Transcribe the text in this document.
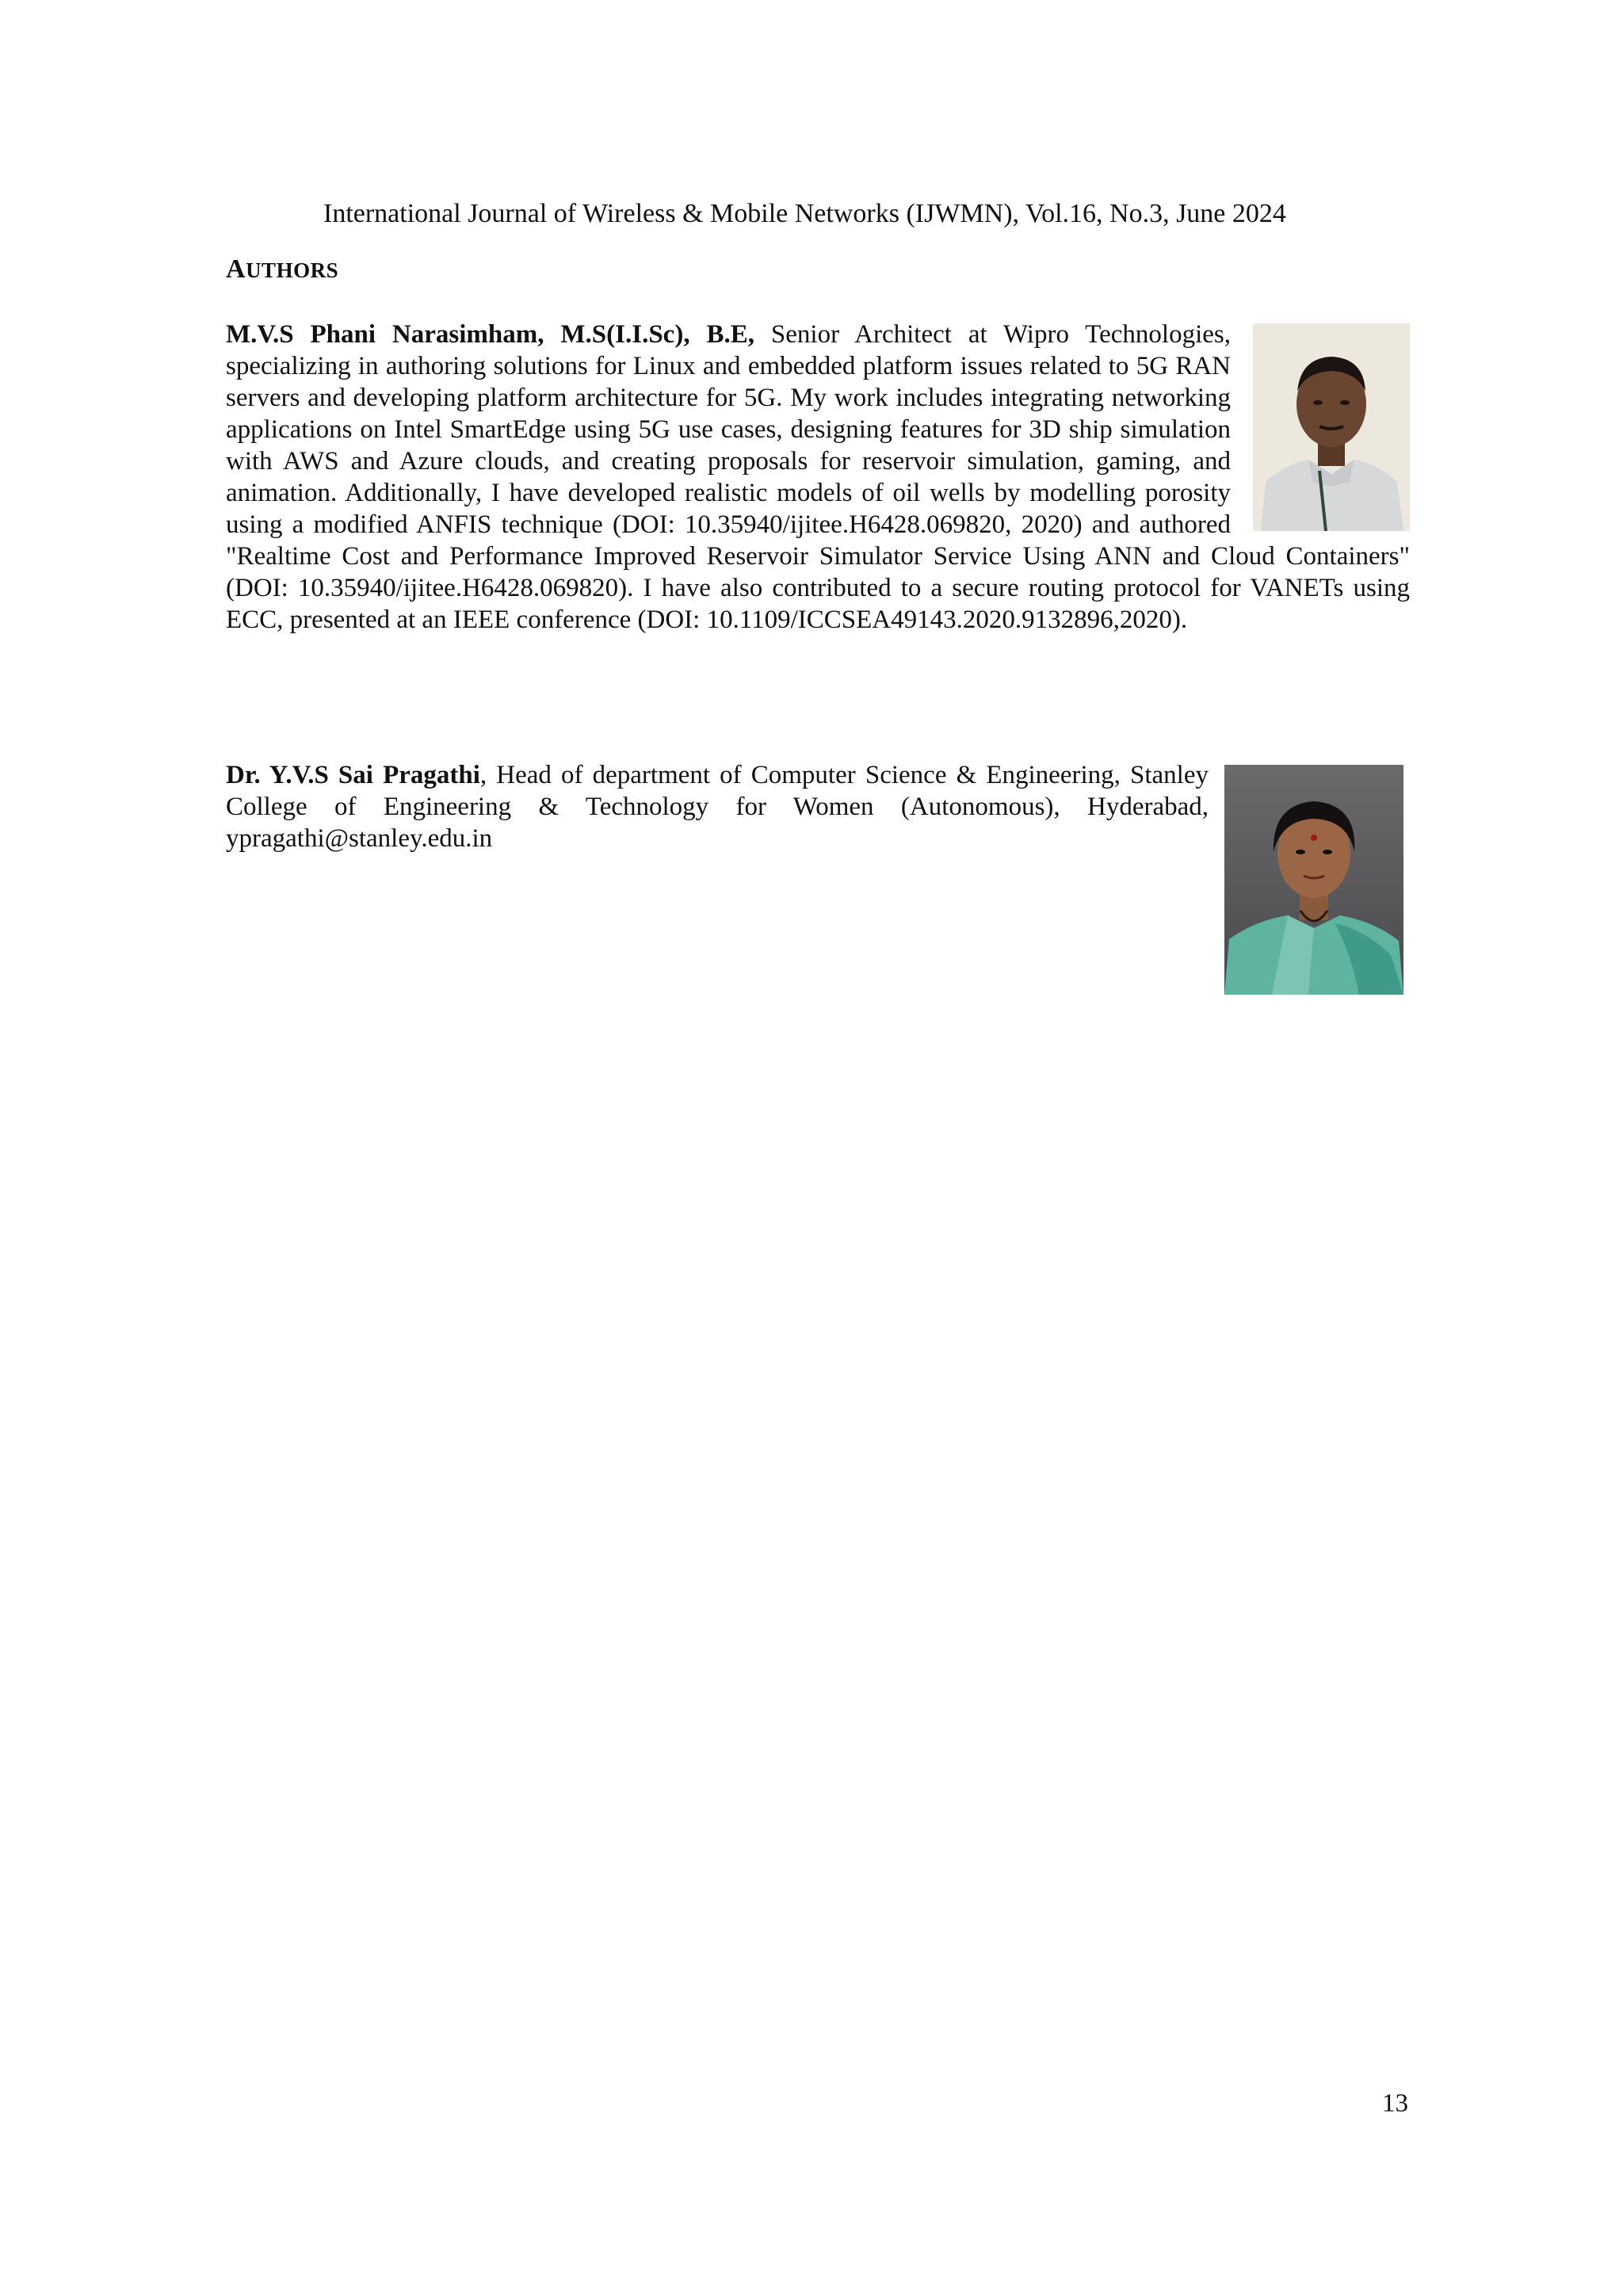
International Journal of Wireless & Mobile Networks (IJWMN), Vol.16, No.3, June 2024
AUTHORS

M.V.S Phani Narasimham, M.S(I.I.Sc), B.E, Senior Architect at Wipro Technologies, specializing in authoring solutions for Linux and embedded platform issues related to 5G RAN servers and developing platform architecture for 5G. My work includes integrating networking applications on Intel SmartEdge using 5G use cases, designing features for 3D ship simulation with AWS and Azure clouds, and creating proposals for reservoir simulation, gaming, and animation. Additionally, I have developed realistic models of oil wells by modelling porosity using a modified ANFIS technique (DOI: 10.35940/ijitee.H6428.069820, 2020) and authored "Realtime Cost and Performance Improved Reservoir Simulator Service Using ANN and Cloud Containers" (DOI: 10.35940/ijitee.H6428.069820). I have also contributed to a secure routing protocol for VANETs using ECC, presented at an IEEE conference (DOI: 10.1109/ICCSEA49143.2020.9132896,2020).

Dr. Y.V.S Sai Pragathi, Head of department of Computer Science & Engineering, Stanley College of Engineering & Technology for Women (Autonomous), Hyderabad, ypragathi@stanley.edu.in

13
